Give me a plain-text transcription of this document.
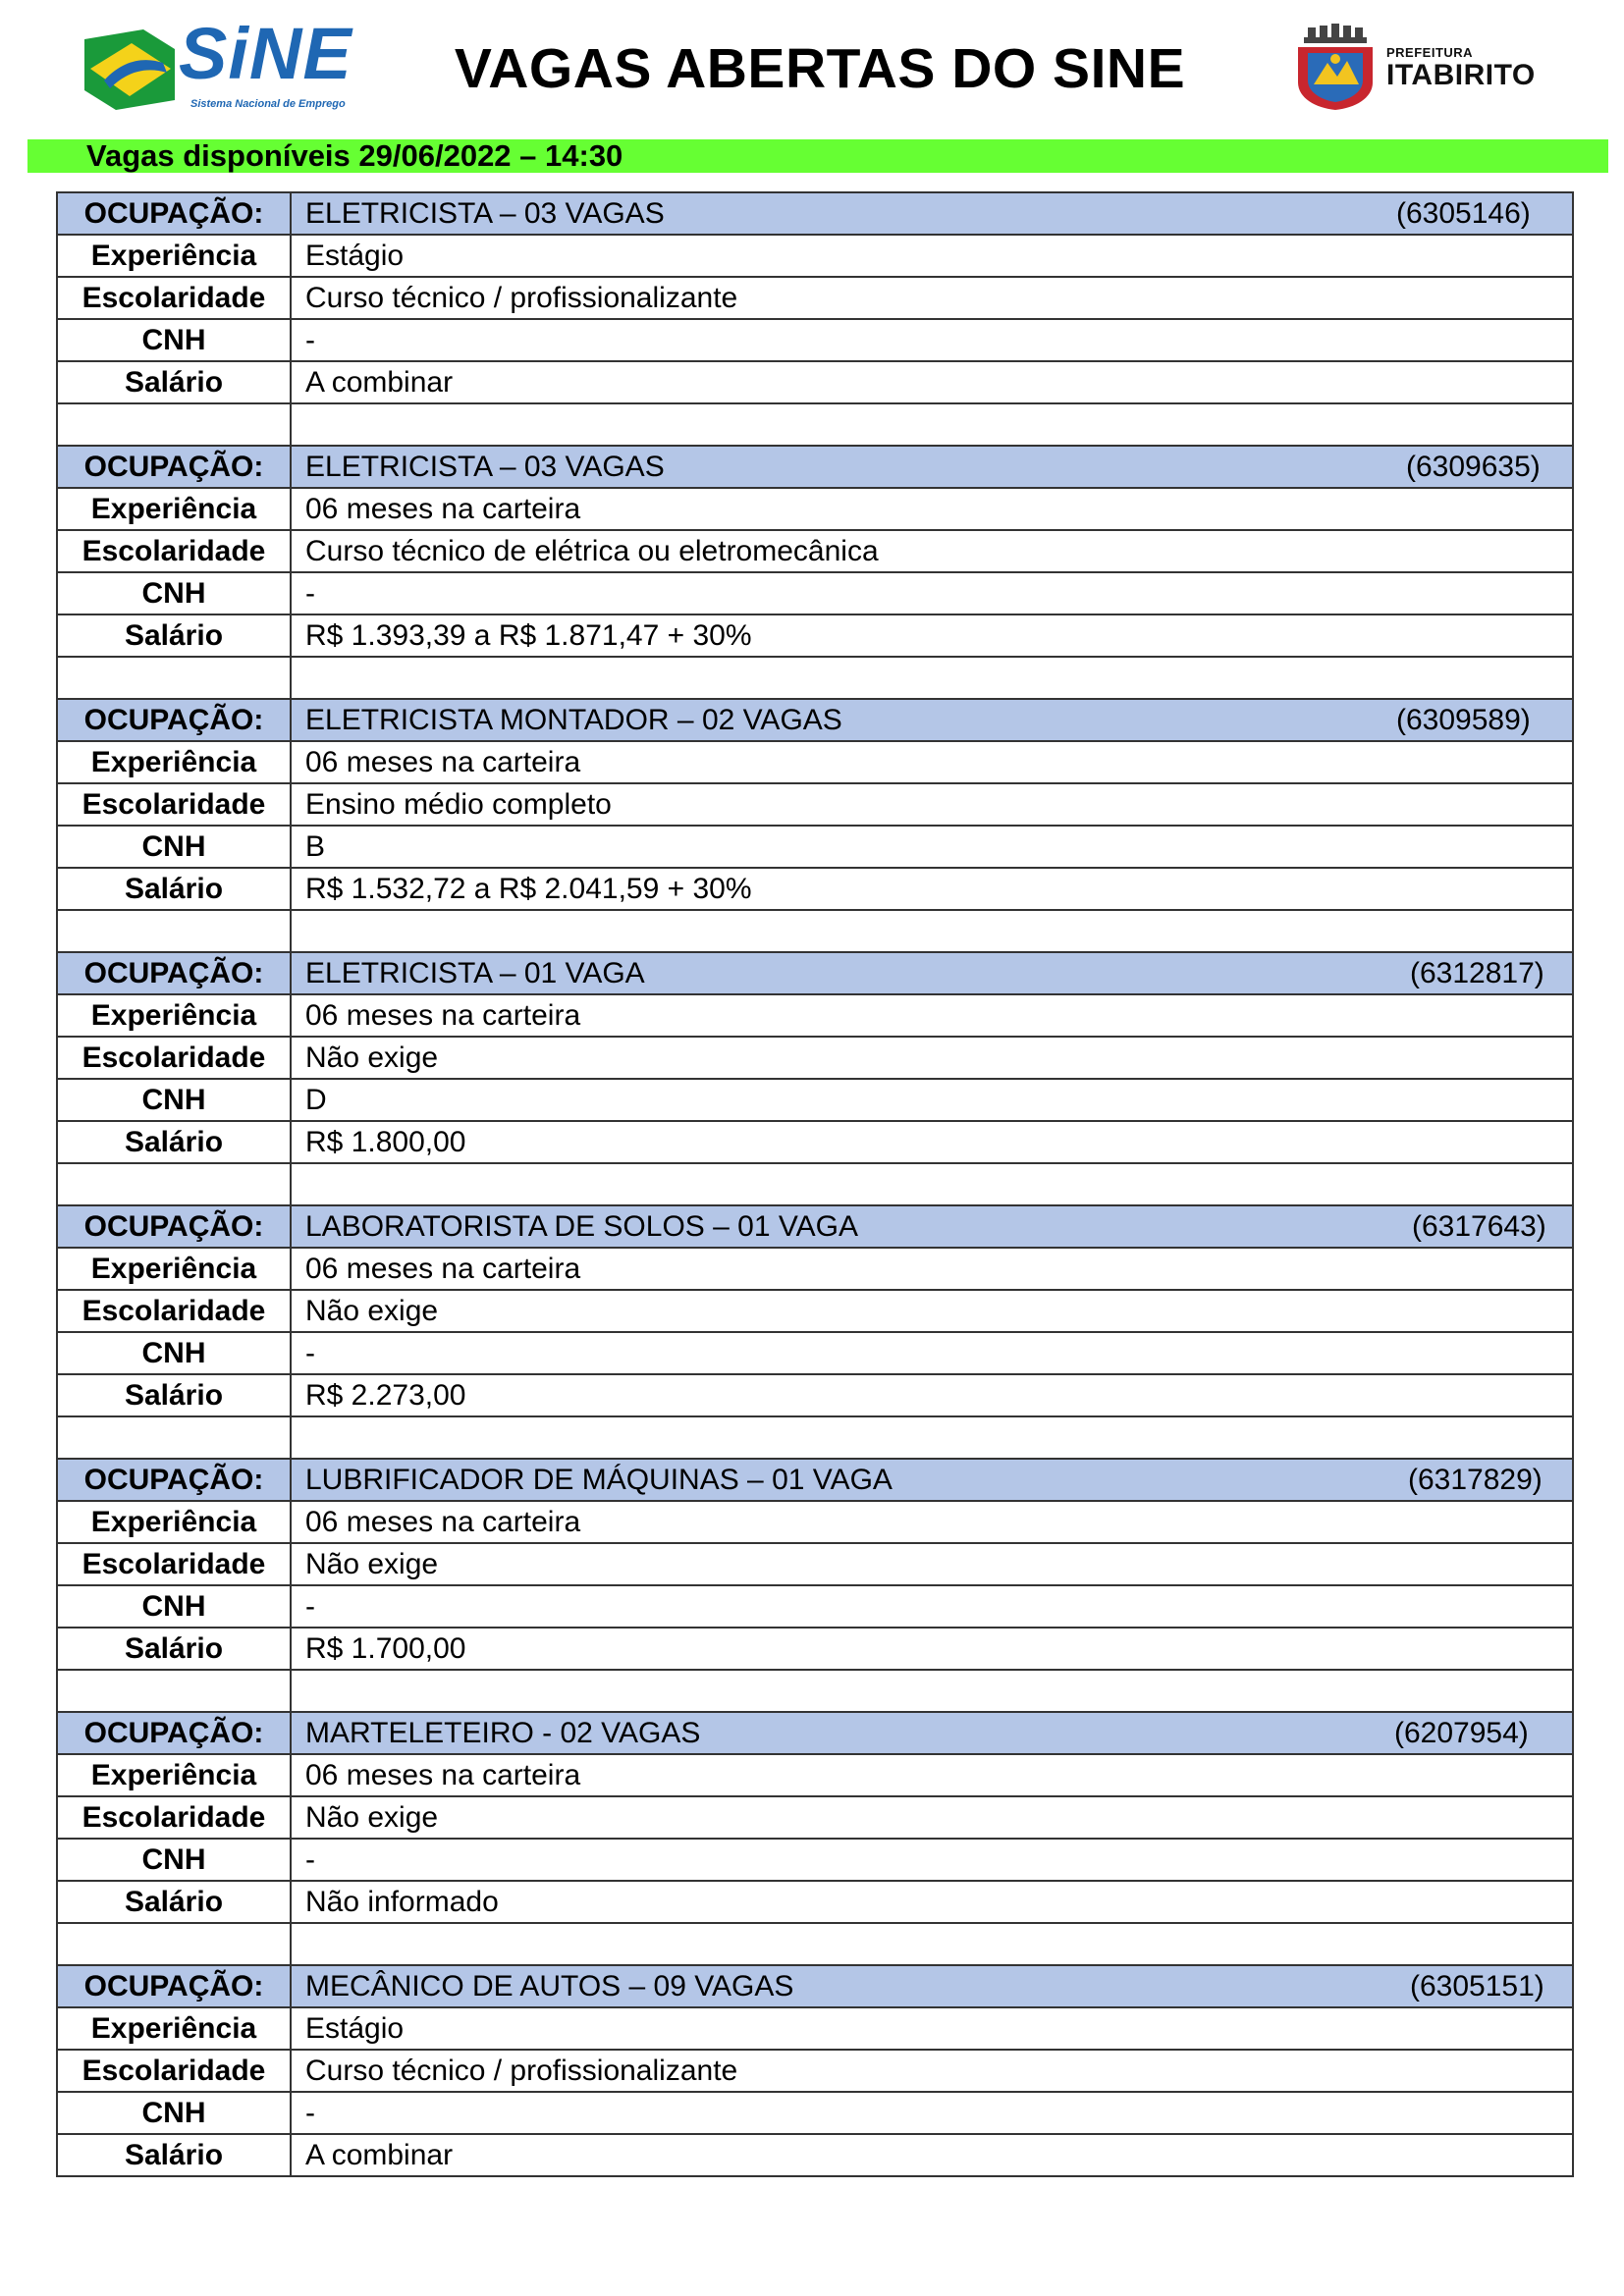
SiNE
Sistema Nacional de Emprego
VAGAS ABERTAS DO SINE	PREFEITURA
ITABIRITO
Vagas disponíveis 29/06/2022 – 14:30
OCUPAÇÃO:	ELETRICISTA – 03 VAGAS (6305146)

Experiência	Estágio
Escolaridade	Curso técnico / profissionalizante
CNH	-
Salário	A combinar

OCUPAÇÃO:	ELETRICISTA – 03 VAGAS (6309635)

Experiência	06 meses na carteira
Escolaridade	Curso técnico de elétrica ou eletromecânica
CNH	-
Salário	R$ 1.393,39 a R$ 1.871,47 + 30%

OCUPAÇÃO:	ELETRICISTA MONTADOR – 02 VAGAS (6309589)

Experiência	06 meses na carteira
Escolaridade	Ensino médio completo
CNH	B
Salário	R$ 1.532,72 a R$ 2.041,59 + 30%

OCUPAÇÃO:	ELETRICISTA – 01 VAGA (6312817)

Experiência	06 meses na carteira
Escolaridade	Não exige
CNH	D
Salário	R$ 1.800,00

OCUPAÇÃO:	LABORATORISTA DE SOLOS – 01 VAGA (6317643)

Experiência	06 meses na carteira
Escolaridade	Não exige
CNH	-
Salário	R$ 2.273,00

OCUPAÇÃO:	LUBRIFICADOR DE MÁQUINAS – 01 VAGA (6317829)

Experiência	06 meses na carteira
Escolaridade	Não exige
CNH	-
Salário	R$ 1.700,00

OCUPAÇÃO:	MARTELETEIRO - 02 VAGAS (6207954)

Experiência	06 meses na carteira
Escolaridade	Não exige
CNH	-
Salário	Não informado

OCUPAÇÃO:	MECÂNICO DE AUTOS – 09 VAGAS (6305151)

Experiência	Estágio
Escolaridade	Curso técnico / profissionalizante
CNH	-
Salário	A combinar
